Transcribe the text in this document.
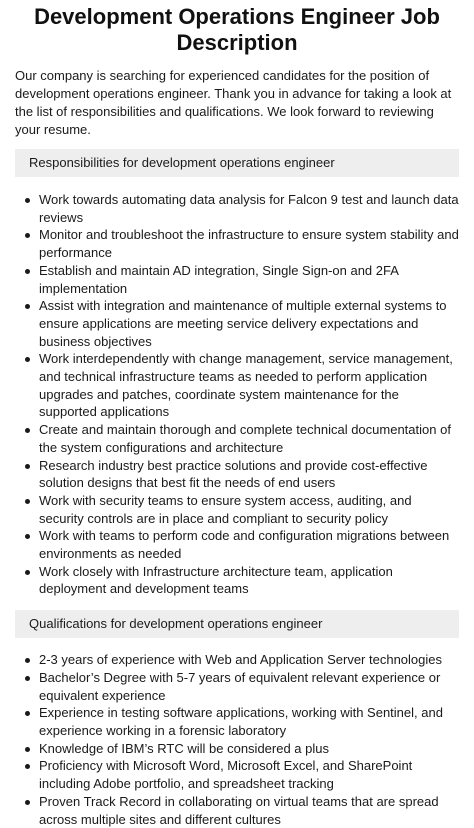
Development Operations Engineer Job Description

Our company is searching for experienced candidates for the position of development operations engineer. Thank you in advance for taking a look at the list of responsibilities and qualifications. We look forward to reviewing your resume.

Responsibilities for development operations engineer
Work towards automating data analysis for Falcon 9 test and launch data reviews
Monitor and troubleshoot the infrastructure to ensure system stability and performance
Establish and maintain AD integration, Single Sign-on and 2FA implementation
Assist with integration and maintenance of multiple external systems to ensure applications are meeting service delivery expectations and business objectives
Work interdependently with change management, service management, and technical infrastructure teams as needed to perform application upgrades and patches, coordinate system maintenance for the supported applications
Create and maintain thorough and complete technical documentation of the system configurations and architecture
Research industry best practice solutions and provide cost-effective solution designs that best fit the needs of end users
Work with security teams to ensure system access, auditing, and security controls are in place and compliant to security policy
Work with teams to perform code and configuration migrations between environments as needed
Work closely with Infrastructure architecture team, application deployment and development teams
Qualifications for development operations engineer
2-3 years of experience with Web and Application Server technologies
Bachelor’s Degree with 5-7 years of equivalent relevant experience or equivalent experience
Experience in testing software applications, working with Sentinel, and experience working in a forensic laboratory
Knowledge of IBM’s RTC will be considered a plus
Proficiency with Microsoft Word, Microsoft Excel, and SharePoint including Adobe portfolio, and spreadsheet tracking
Proven Track Record in collaborating on virtual teams that are spread across multiple sites and different cultures
